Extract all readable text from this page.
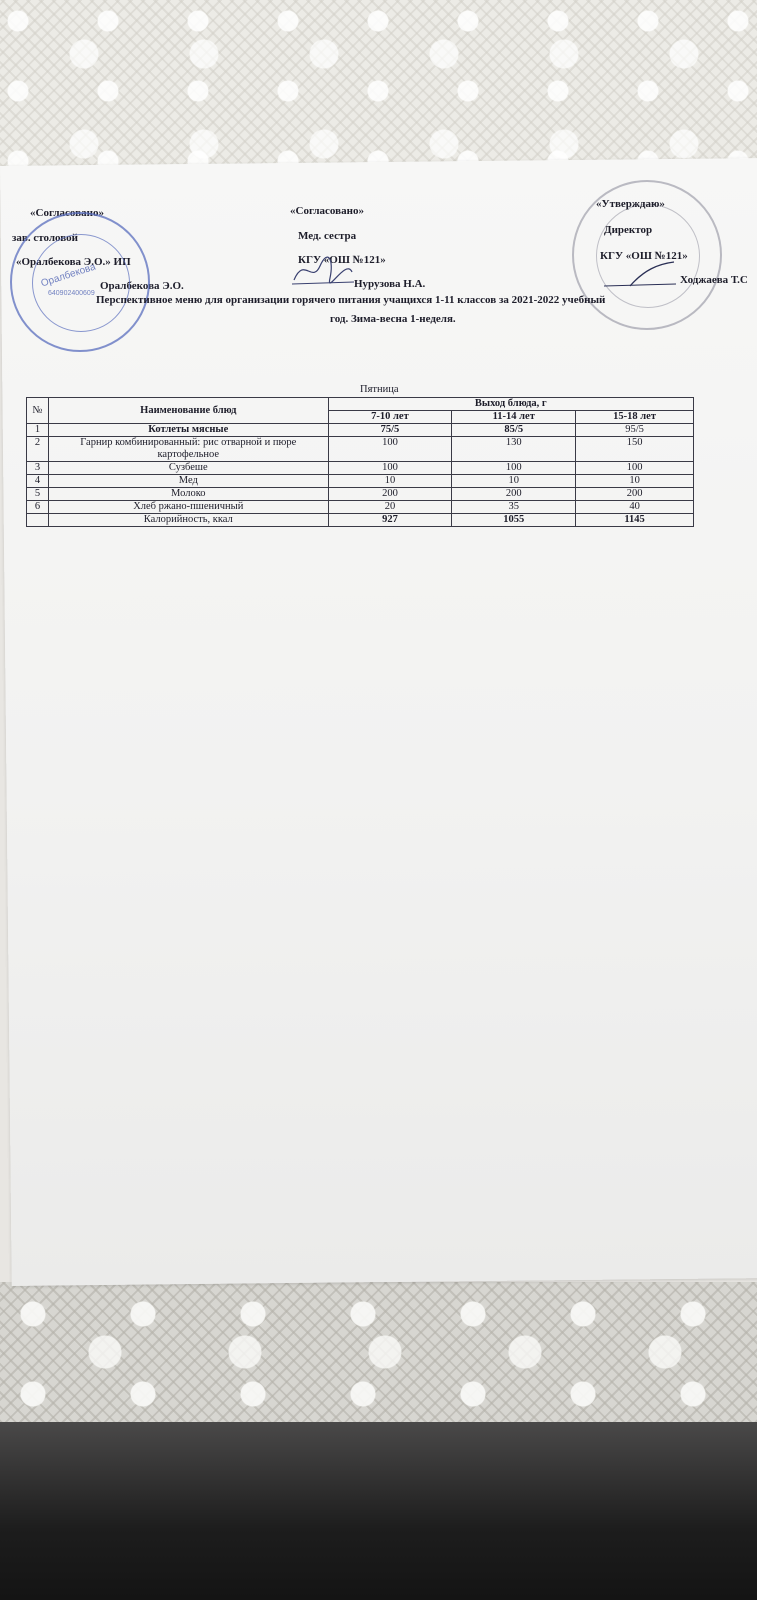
«Согласовано»
зав. столовой
«Оралбекова Э.О.» ИП
Оралбекова Э.О.
Оралбекова
640902400609
«Согласовано»
Мед. сестра
КГУ «ОШ №121»
Нурузова Н.А.
«Утверждаю»
Директор
КГУ «ОШ №121»
Ходжаева Т.С
Перспективное меню для организации горячего питания учащихся 1-11 классов за 2021-2022 учебный
год. Зима-весна 1-неделя.
Пятница
№	Наименование блюд	Выход блюда, г		
		7-10 лет	11-14 лет	15-18 лет
1	Котлеты мясные	75/5	85/5	95/5
2	Гарнир комбинированный: рис отварной и пюре картофельное	100	130	150
3	Сузбеше	100	100	100
4	Мед	10	10	10
5	Молоко	200	200	200
6	Хлеб ржано-пшеничный	20	35	40
	Калорийность, ккал	927	1055	1145
